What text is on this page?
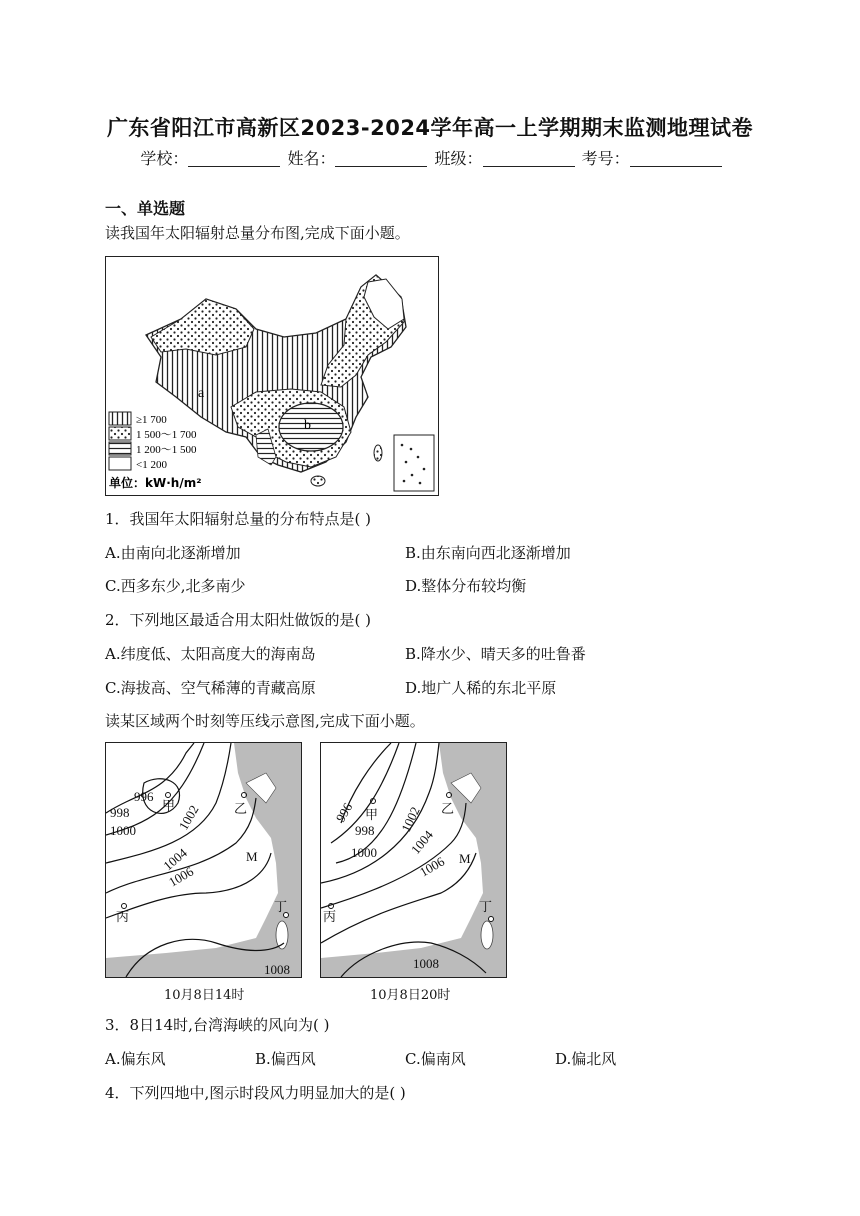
广东省阳江市高新区2023-2024学年高一上学期期末监测地理试卷
学校：	姓名：	班级：	考号：
一、单选题
读我国年太阳辐射总量分布图,完成下面小题。
a
b
≥1 700
1 500～1 700
1 200～1 500
<1 200
单位：kW·h/m²
1．我国年太阳辐射总量的分布特点是( )
A.由南向北逐渐增加	B.由东南向西北逐渐增加
C.西多东少,北多南少	D.整体分布较均衡
2．下列地区最适合用太阳灶做饭的是( )
A.纬度低、太阳高度大的海南岛	B.降水少、晴天多的吐鲁番
C.海拔高、空气稀薄的青藏高原	D.地广人稀的东北平原
读某区域两个时刻等压线示意图,完成下面小题。
996
998
1000	1002
1004
1006
1008
甲	乙
丙
丁
M
10月8日14时
996
998
1000
1002
1004
1006
1008
甲	乙
丙
丁
M
10月8日20时
3．8日14时,台湾海峡的风向为( )
A.偏东风	B.偏西风	C.偏南风	D.偏北风
4．下列四地中,图示时段风力明显加大的是( )
